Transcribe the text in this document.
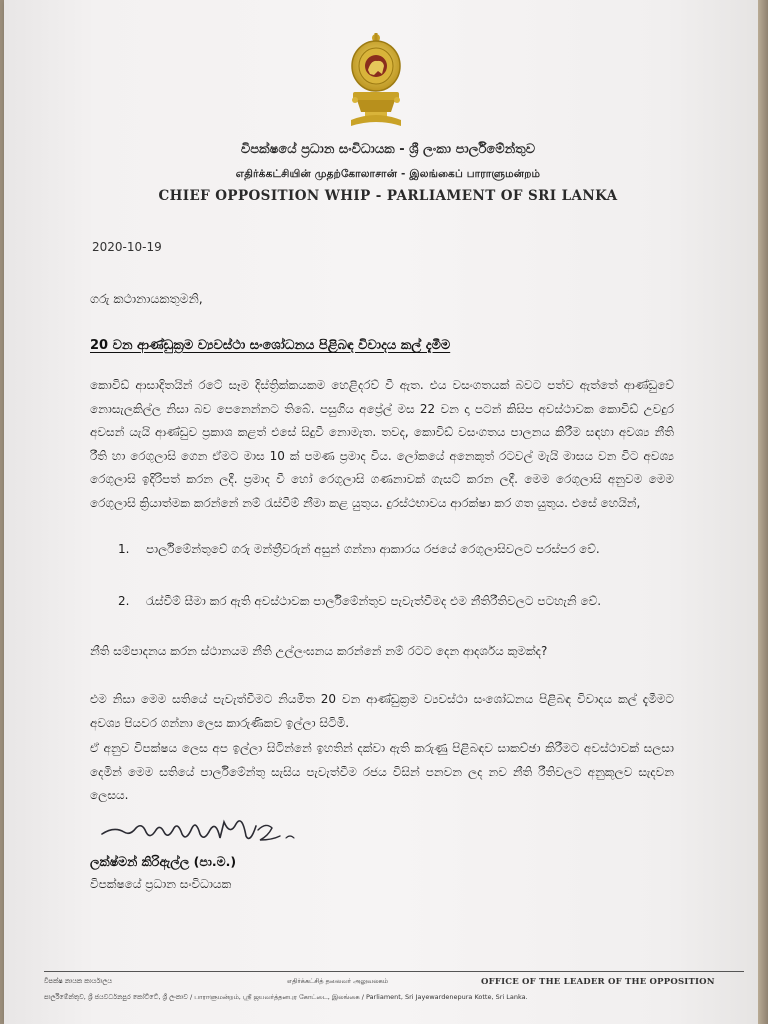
විපක්ෂයේ ප්‍රධාන සංවිධායක - ශ්‍රී ලංකා පාර්ලිමේන්තුව
எதிர்க்கட்சியின் முதற்கோலாசான் - இலங்கைப் பாராளுமன்றம்
CHIEF OPPOSITION WHIP - PARLIAMENT OF SRI LANKA
2020-10-19
ගරු කථානායකතුමනි,
20 වන ආණ්ඩුක්‍රම ව්‍යවස්ථා සංශෝධනය පිළිබඳ විවාදය කල් දැමීම
කොවිඩ් ආසාදිතයින් රටේ සෑම දිස්ත්‍රික්කයකම හෙළිදරව් වී ඇත. එය වසංගතයක් බවට පත්ව ඇත්තේ ආණ්ඩුවේ නොසැලකිල්ල නිසා බව පෙනෙන්නට තිබේ. පසුගිය අප්‍රේල් මස 22 වන දා පටන් කිසිප අවස්ථාවක කොවිඩ් උවදුර අවසන් යැයි ආණ්ඩුව ප්‍රකාශ කළත් එසේ සිදුවී නොමැත. තවද, කොවිඩ් වසංගතය පාලනය කිරීම සඳහා අවශ්‍ය නීති රීති හා රෙගුලාසි ගෙන ඒමට මාස 10 ක් පමණ ප්‍රමාද විය. ලෝකයේ අනෙකුත් රටවල් මැයි මාසය වන විට අවශ්‍ය රෙගුලාසි ඉදිරිපත් කරන ලදී. ප්‍රමාද වී හෝ රෙගුලාසි ගණනාවක් ගැසට් කරන ලදී. මෙම රෙගුලාසි අනුවම මෙම රෙගුලාසි ක්‍රියාත්මක කරන්නේ නම් රැස්වීම් නීමා කළ යුතුය. දුරස්ථභාවය ආරක්ෂා කර ගත යුතුය. එසේ හෙයින්,
1. පාර්ලිමේන්තුවේ ගරු මන්ත්‍රීවරුන් අසුන් ගන්නා ආකාරය රජයේ රෙගුලාසිවලට පරස්පර වේ.
2. රැස්වීම් සීමා කර ඇති අවස්ථාවක පාර්ලිමේන්තුව පැවැත්වීමද එම නීතිරීතිවලට පටහැනි වේ.
නීති සම්පාදනය කරන ස්ථානයම නීති උල්ලංඝනය කරන්නේ නම් රටට දෙන ආදර්ශය කුමක්ද?
එම නිසා මෙම සතියේ පැවැත්වීමට නියමිත 20 වන ආණ්ඩුක්‍රම ව්‍යවස්ථා සංශෝධනය පිළිබඳ විවාදය කල් දැමීමට අවශ්‍ය පියවර ගන්නා ලෙස කාරුණිකව ඉල්ලා සිටිමි.
ඒ අනුව විපක්ෂය ලෙස අප ඉල්ලා සිටින්නේ ඉහතින් දක්වා ඇති කරුණු පිළිබඳව සාකච්ඡා කිරීමට අවස්ථාවක් සලසා දෙමින් මෙම සතියේ පාර්ලිමේන්තු සැසිය පැවැත්වීම රජය විසින් පනවන ලද නව නීති රීතිවලට අනුකූලව සැදවන ලෙසය.
ලක්ෂ්මන් කිරිඇල්ල (පා.ම.)
විපක්ෂයේ ප්‍රධාන සංවිධායක
විපක්ෂ නායක කාර්යාලය	எதிர்க்கட்சித் தலைவர் அலுவலகம்	OFFICE OF THE LEADER OF THE OPPOSITION
පාර්ලිමේන්තුව, ශ්‍රී ජයවර්ධනපුර කෝට්ටේ, ශ්‍රී ලංකාව / பாராளுமன்றம், ஸ்ரீ ஜயவர்த்தனபுர கோட்டை, இலங்கை / Parliament, Sri Jayewardenepura Kotte, Sri Lanka.
